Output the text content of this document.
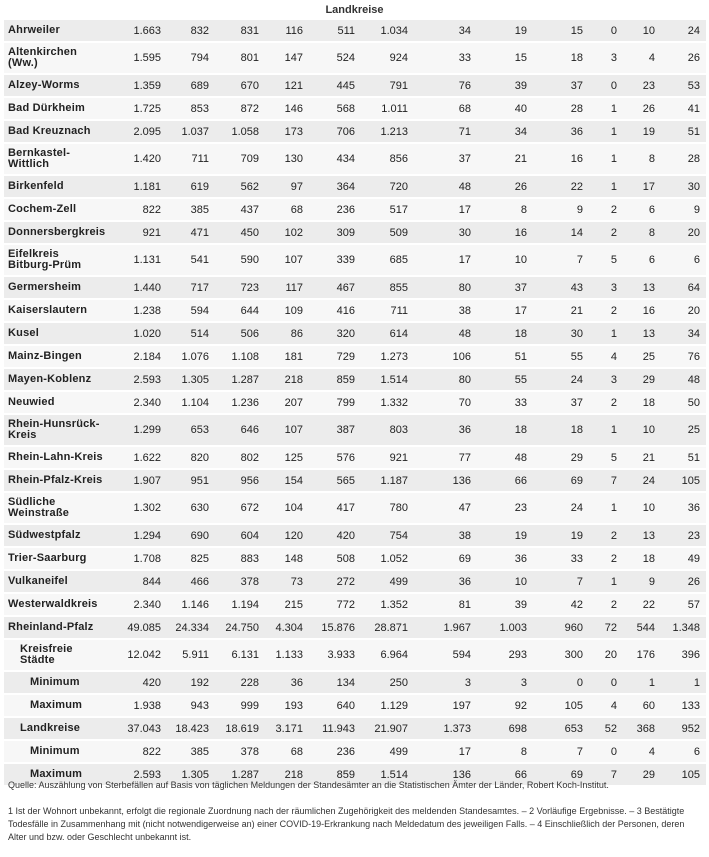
Landkreise
Ahrweiler	1.663	832	831	116	511	1.034	34	19	15	0	10	24
Altenkirchen (Ww.)	1.595	794	801	147	524	924	33	15	18	3	4	26
Alzey-Worms	1.359	689	670	121	445	791	76	39	37	0	23	53
Bad Dürkheim	1.725	853	872	146	568	1.011	68	40	28	1	26	41
Bad Kreuznach	2.095	1.037	1.058	173	706	1.213	71	34	36	1	19	51
Bernkastel-Wittlich	1.420	711	709	130	434	856	37	21	16	1	8	28
Birkenfeld	1.181	619	562	97	364	720	48	26	22	1	17	30
Cochem-Zell	822	385	437	68	236	517	17	8	9	2	6	9
Donnersbergkreis	921	471	450	102	309	509	30	16	14	2	8	20
Eifelkreis Bitburg-Prüm	1.131	541	590	107	339	685	17	10	7	5	6	6
Germersheim	1.440	717	723	117	467	855	80	37	43	3	13	64
Kaiserslautern	1.238	594	644	109	416	711	38	17	21	2	16	20
Kusel	1.020	514	506	86	320	614	48	18	30	1	13	34
Mainz-Bingen	2.184	1.076	1.108	181	729	1.273	106	51	55	4	25	76
Mayen-Koblenz	2.593	1.305	1.287	218	859	1.514	80	55	24	3	29	48
Neuwied	2.340	1.104	1.236	207	799	1.332	70	33	37	2	18	50
Rhein-Hunsrück-Kreis	1.299	653	646	107	387	803	36	18	18	1	10	25
Rhein-Lahn-Kreis	1.622	820	802	125	576	921	77	48	29	5	21	51
Rhein-Pfalz-Kreis	1.907	951	956	154	565	1.187	136	66	69	7	24	105
Südliche Weinstraße	1.302	630	672	104	417	780	47	23	24	1	10	36
Südwestpfalz	1.294	690	604	120	420	754	38	19	19	2	13	23
Trier-Saarburg	1.708	825	883	148	508	1.052	69	36	33	2	18	49
Vulkaneifel	844	466	378	73	272	499	36	10	7	1	9	26
Westerwaldkreis	2.340	1.146	1.194	215	772	1.352	81	39	42	2	22	57
Rheinland-Pfalz	49.085	24.334	24.750	4.304	15.876	28.871	1.967	1.003	960	72	544	1.348
Kreisfreie Städte	12.042	5.911	6.131	1.133	3.933	6.964	594	293	300	20	176	396
Minimum	420	192	228	36	134	250	3	3	0	0	1	1
Maximum	1.938	943	999	193	640	1.129	197	92	105	4	60	133
Landkreise	37.043	18.423	18.619	3.171	11.943	21.907	1.373	698	653	52	368	952
Minimum	822	385	378	68	236	499	17	8	7	0	4	6
Maximum	2.593	1.305	1.287	218	859	1.514	136	66	69	7	29	105
Quelle: Auszählung von Sterbefällen auf Basis von täglichen Meldungen der Standesämter an die Statistischen Ämter der Länder, Robert Koch-Institut.
1 Ist der Wohnort unbekannt, erfolgt die regionale Zuordnung nach der räumlichen Zugehörigkeit des meldenden Standesamtes. – 2 Vorläufige Ergebnisse. – 3 Bestätigte Todesfälle in Zusammenhang mit (nicht notwendigerweise an) einer COVID-19-Erkrankung nach Meldedatum des jeweiligen Falls. – 4 Einschließlich der Personen, deren Alter und bzw. oder Geschlecht unbekannt ist.
